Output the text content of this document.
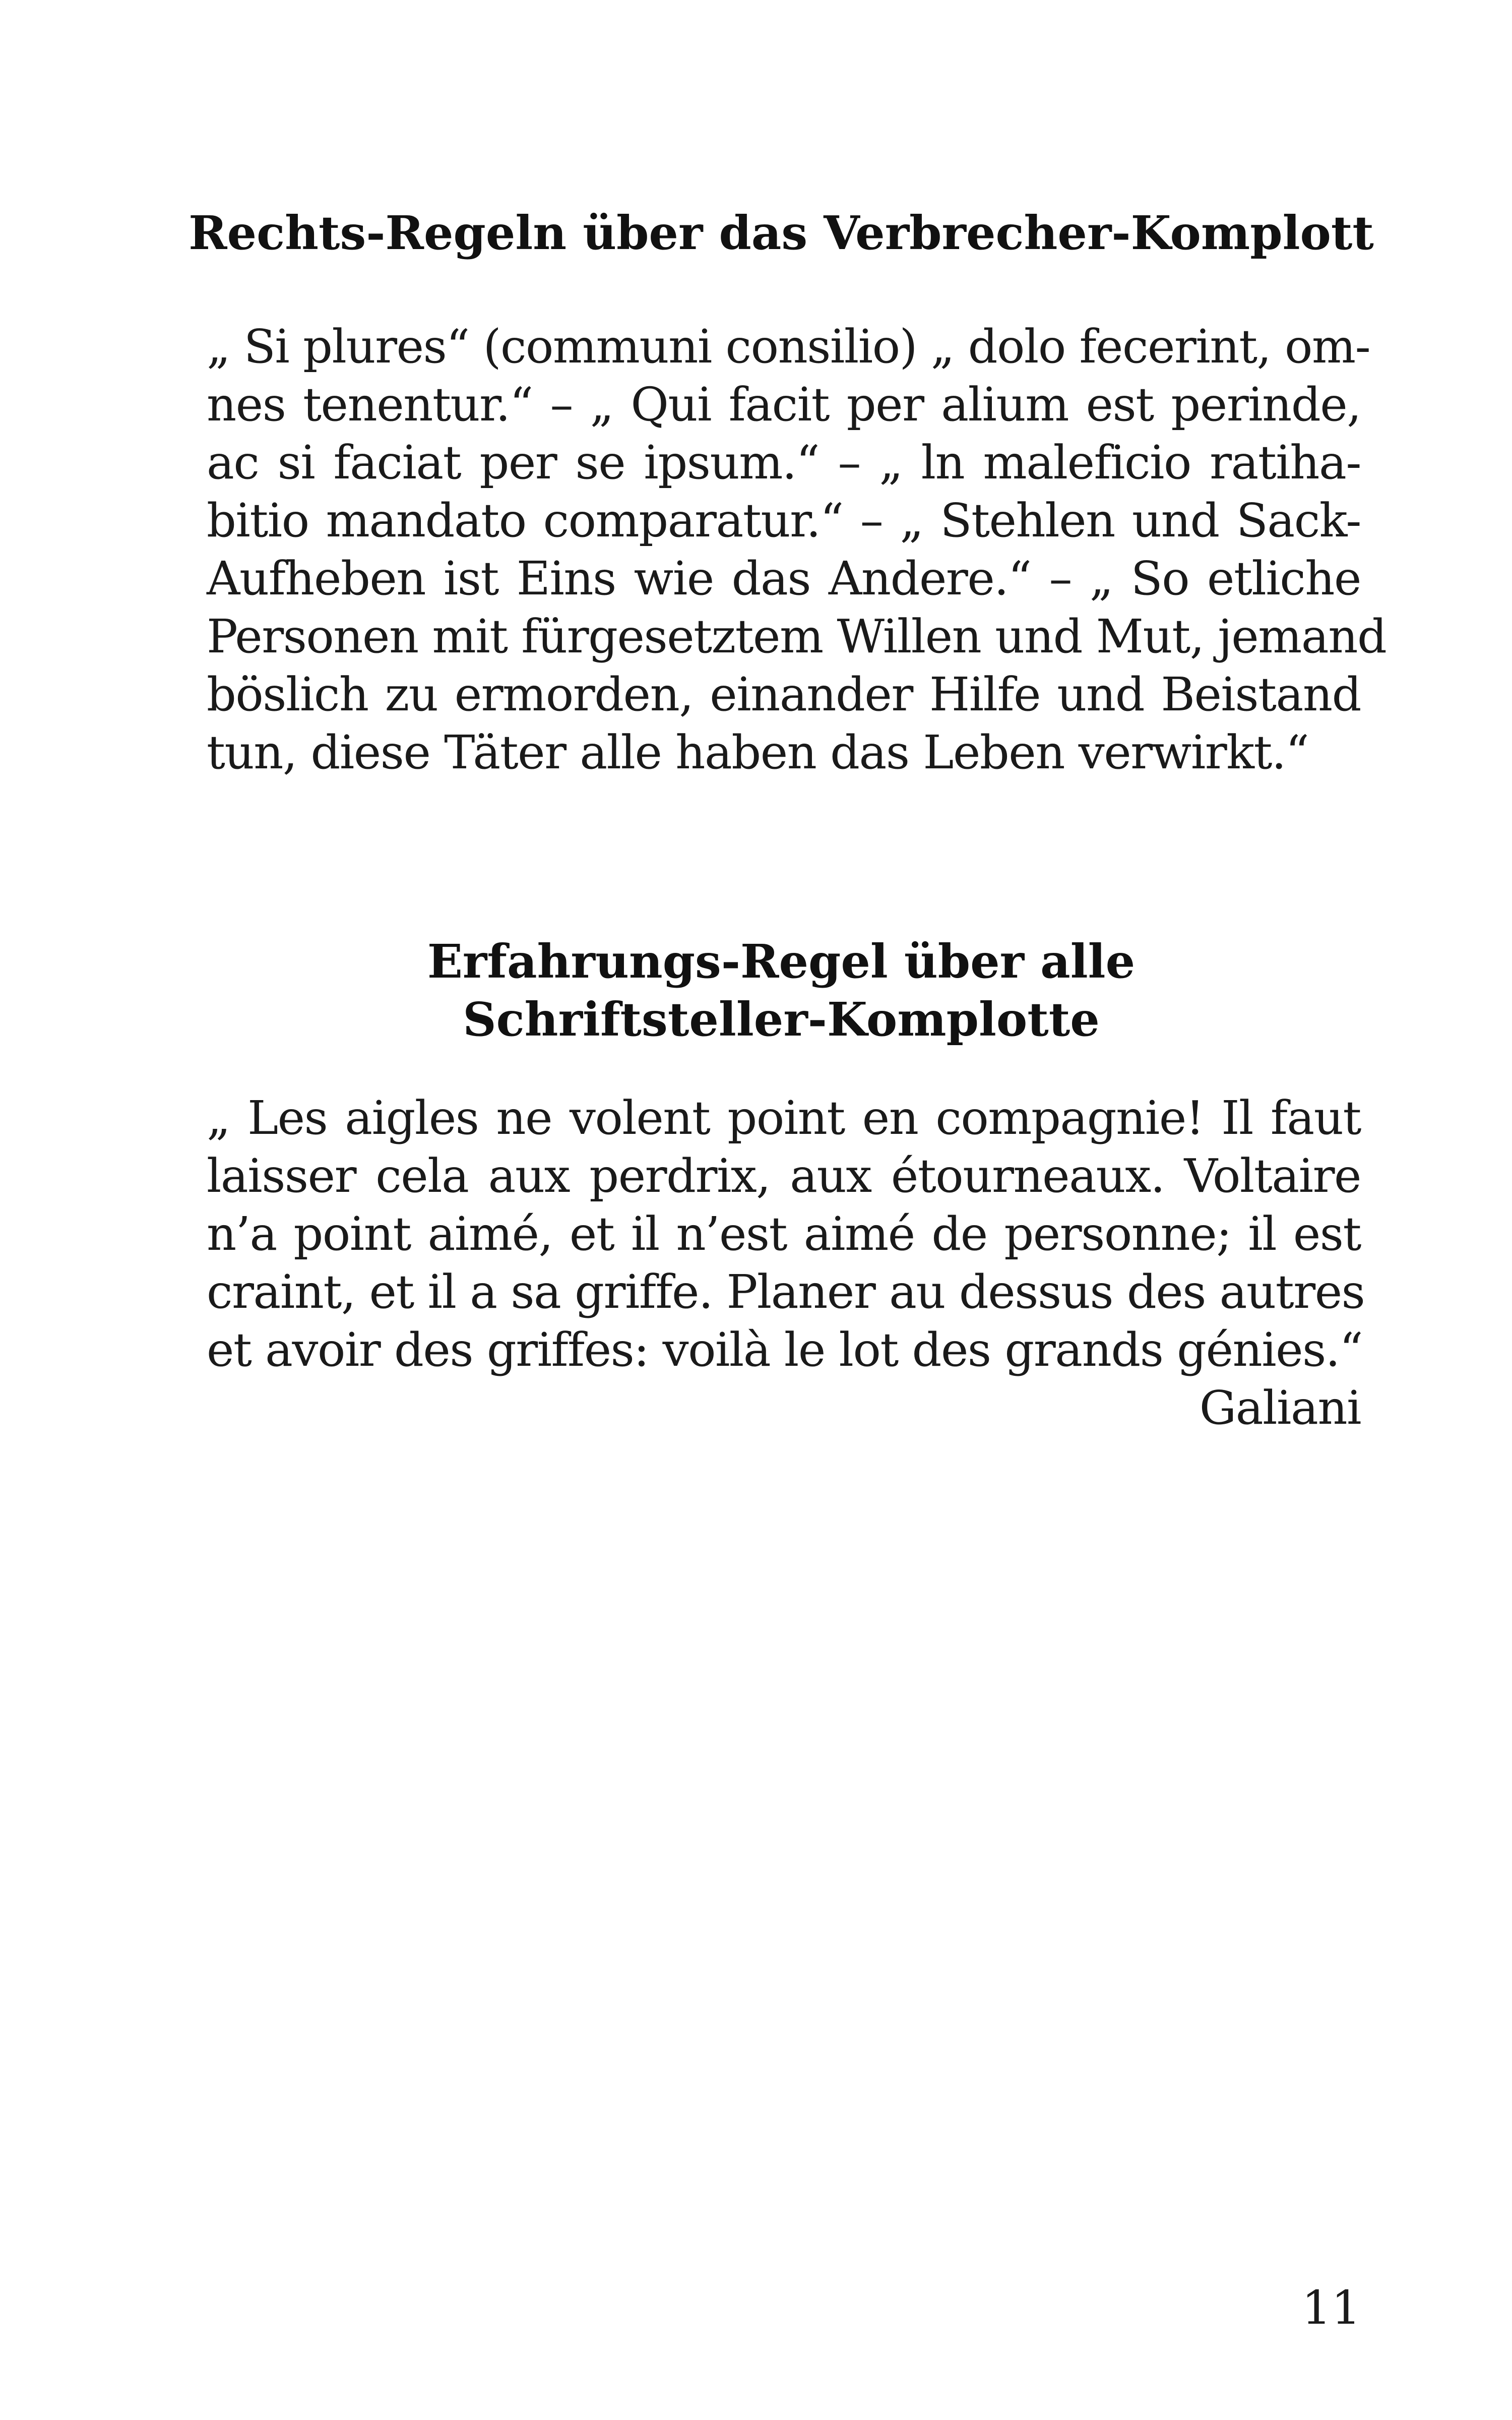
Rechts-Regeln über das Verbrecher-Komplott
„ Si plures“ (communi consilio) „ dolo fecerint, om-
nes tenentur.“ – „ Qui facit per alium est perinde,
ac si faciat per se ipsum.“ – „ ln maleficio ratiha-
bitio mandato comparatur.“ – „ Stehlen und Sack-
Aufheben ist Eins wie das Andere.“ – „ So etliche
Personen mit fürgesetztem Willen und Mut, jemand
böslich zu ermorden, einander Hilfe und Beistand
tun, diese Täter alle haben das Leben verwirkt.“
Erfahrungs-Regel über alle
Schriftsteller-Komplotte
„ Les aigles ne volent point en compagnie! Il faut
laisser cela aux perdrix, aux étourneaux. Voltaire
n’a point aimé, et il n’est aimé de personne; il est
craint, et il a sa griffe. Planer au dessus des autres
et avoir des griffes: voilà le lot des grands génies.“
Galiani
11
